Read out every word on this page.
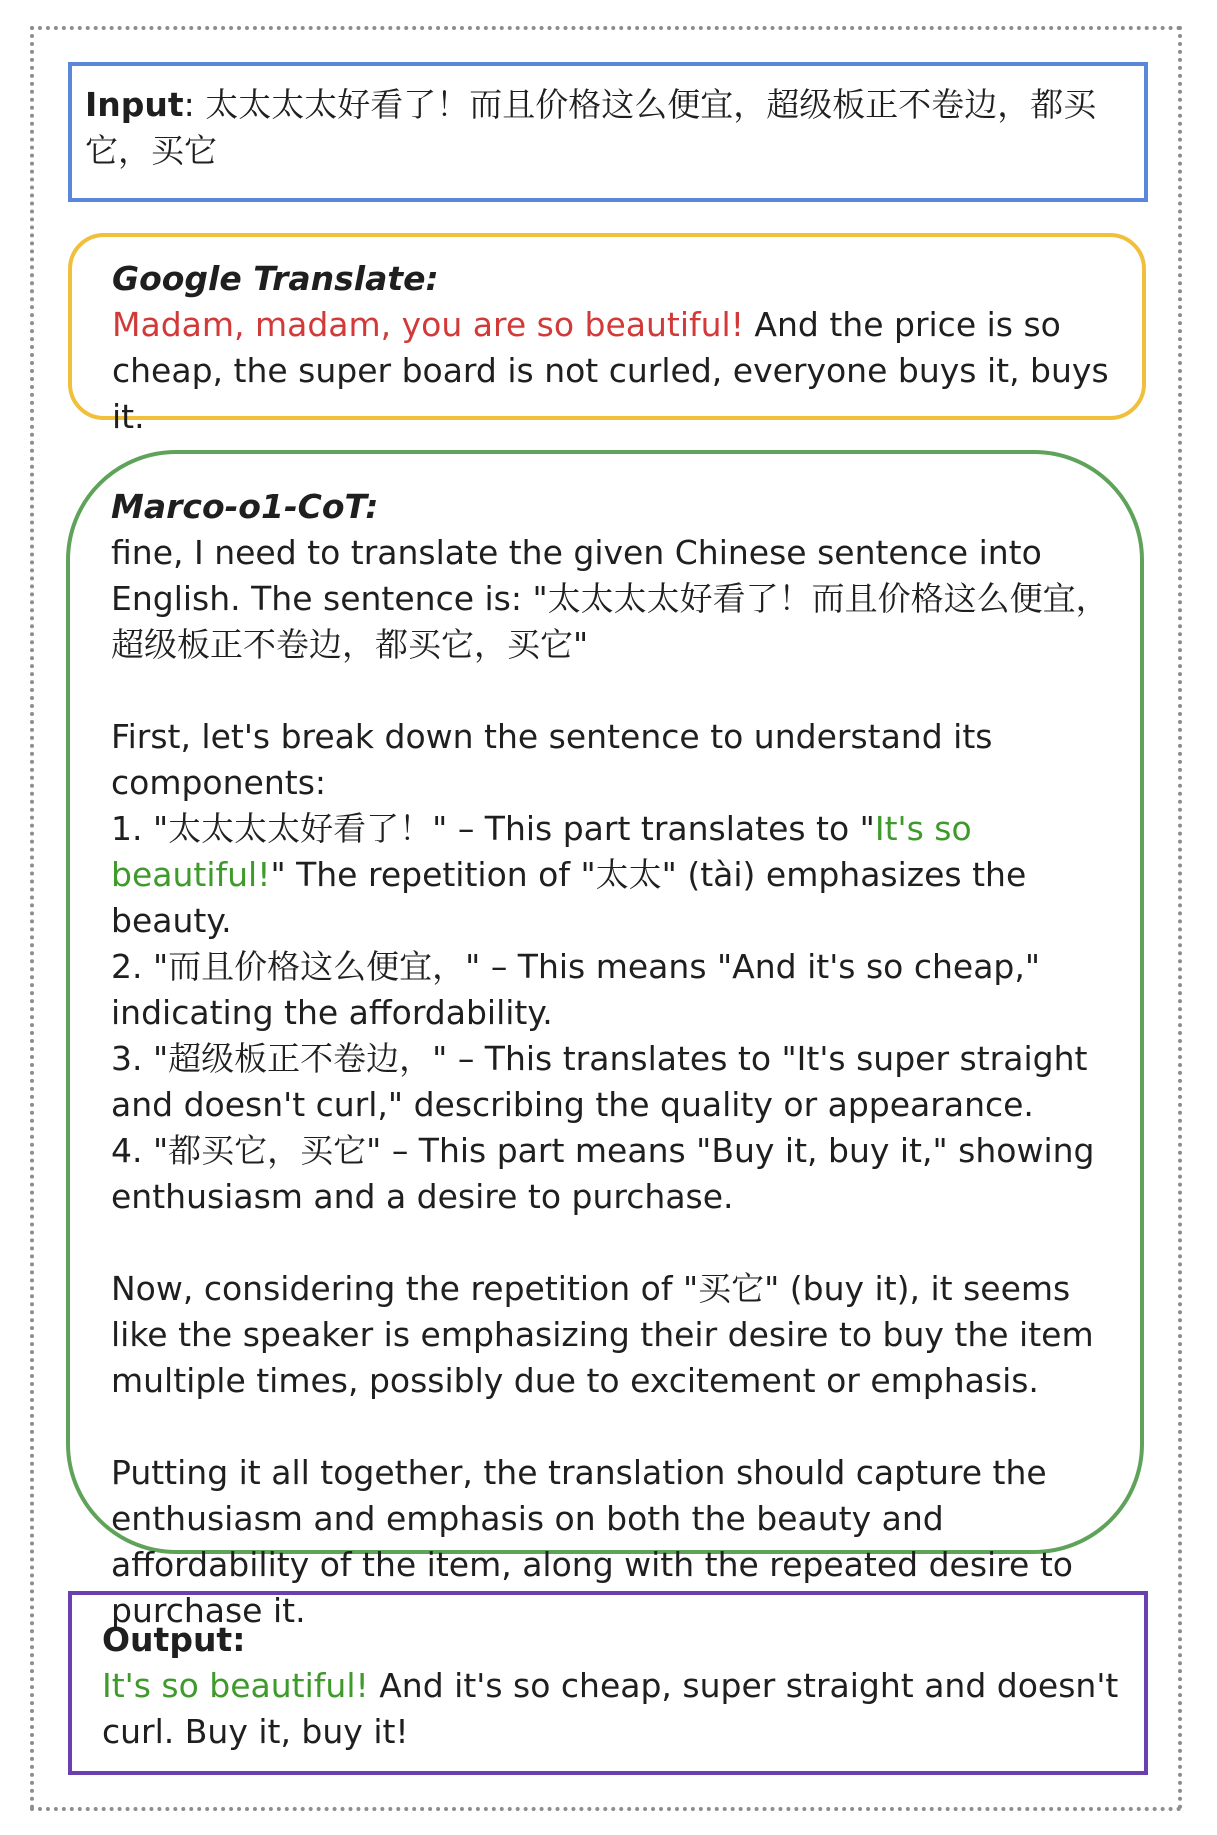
Input: 太太太太好看了！而且价格这么便宜，超级板正不卷边，都买它，买它

Google Translate:

Madam, madam, you are so beautiful! And the price is so cheap, the super board is not curled, everyone buys it, buys it.

Marco-o1-CoT:

fine, I need to translate the given Chinese sentence into English. The sentence is: "太太太太好看了！而且价格这么便宜，超级板正不卷边，都买它，买它"

First, let's break down the sentence to understand its components:

1. "太太太太好看了！" – This part translates to "It's so beautiful!" The repetition of "太太" (tài) emphasizes the beauty.

2. "而且价格这么便宜，" – This means "And it's so cheap," indicating the affordability.

3. "超级板正不卷边，" – This translates to "It's super straight and doesn't curl," describing the quality or appearance.

4. "都买它，买它" – This part means "Buy it, buy it," showing enthusiasm and a desire to purchase.

Now, considering the repetition of "买它" (buy it), it seems like the speaker is emphasizing their desire to buy the item multiple times, possibly due to excitement or emphasis.

Putting it all together, the translation should capture the enthusiasm and emphasis on both the beauty and affordability of the item, along with the repeated desire to purchase it.

Output:

It's so beautiful! And it's so cheap, super straight and doesn't curl. Buy it, buy it!
